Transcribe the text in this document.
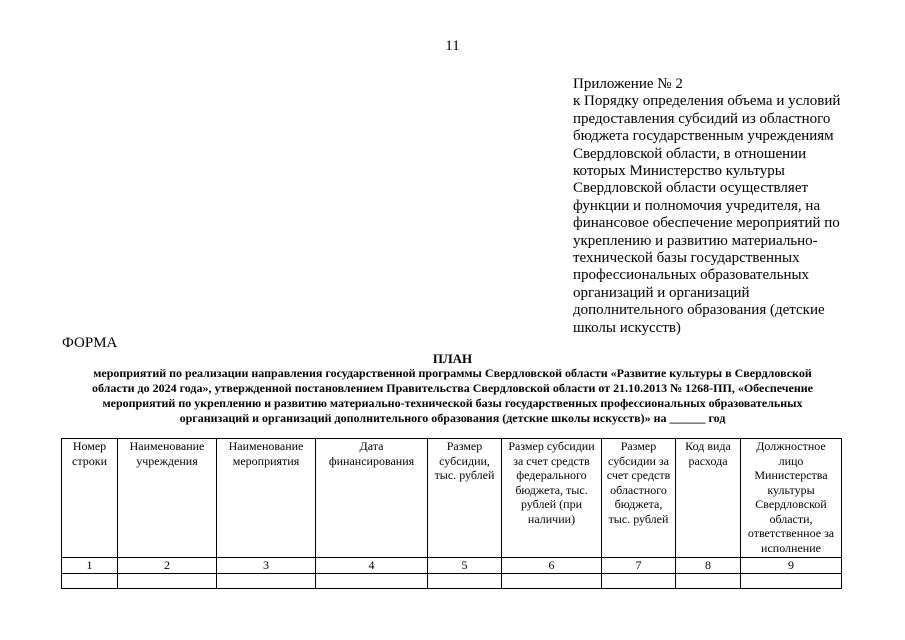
11
Приложение № 2
к Порядку определения объема и условий
предоставления субсидий из областного
бюджета государственным учреждениям
Свердловской области, в отношении
которых Министерство культуры
Свердловской области осуществляет
функции и полномочия учредителя, на
финансовое обеспечение мероприятий по
укреплению и развитию материально-
технической базы государственных
профессиональных образовательных
организаций и организаций
дополнительного образования (детские
школы искусств)
ФОРМА
ПЛАН
мероприятий по реализации направления государственной программы Свердловской области «Развитие культуры в Свердловской
области до 2024 года», утвержденной постановлением Правительства Свердловской области от 21.10.2013 № 1268-ПП, «Обеспечение
мероприятий по укреплению и развитию материально-технической базы государственных профессиональных образовательных
организаций и организаций дополнительного образования (детские школы искусств)» на ______ год
Номер строки	Наименование учреждения	Наименование мероприятия	Дата финансирования	Размер субсидии, тыс. рублей	Размер субсидии за счет средств федерального бюджета, тыс. рублей (при наличии)	Размер субсидии за счет средств областного бюджета, тыс. рублей	Код вида расхода	Должностное лицо Министерства культуры Свердловской области, ответственное за исполнение
1	2	3	4	5	6	7	8	9
